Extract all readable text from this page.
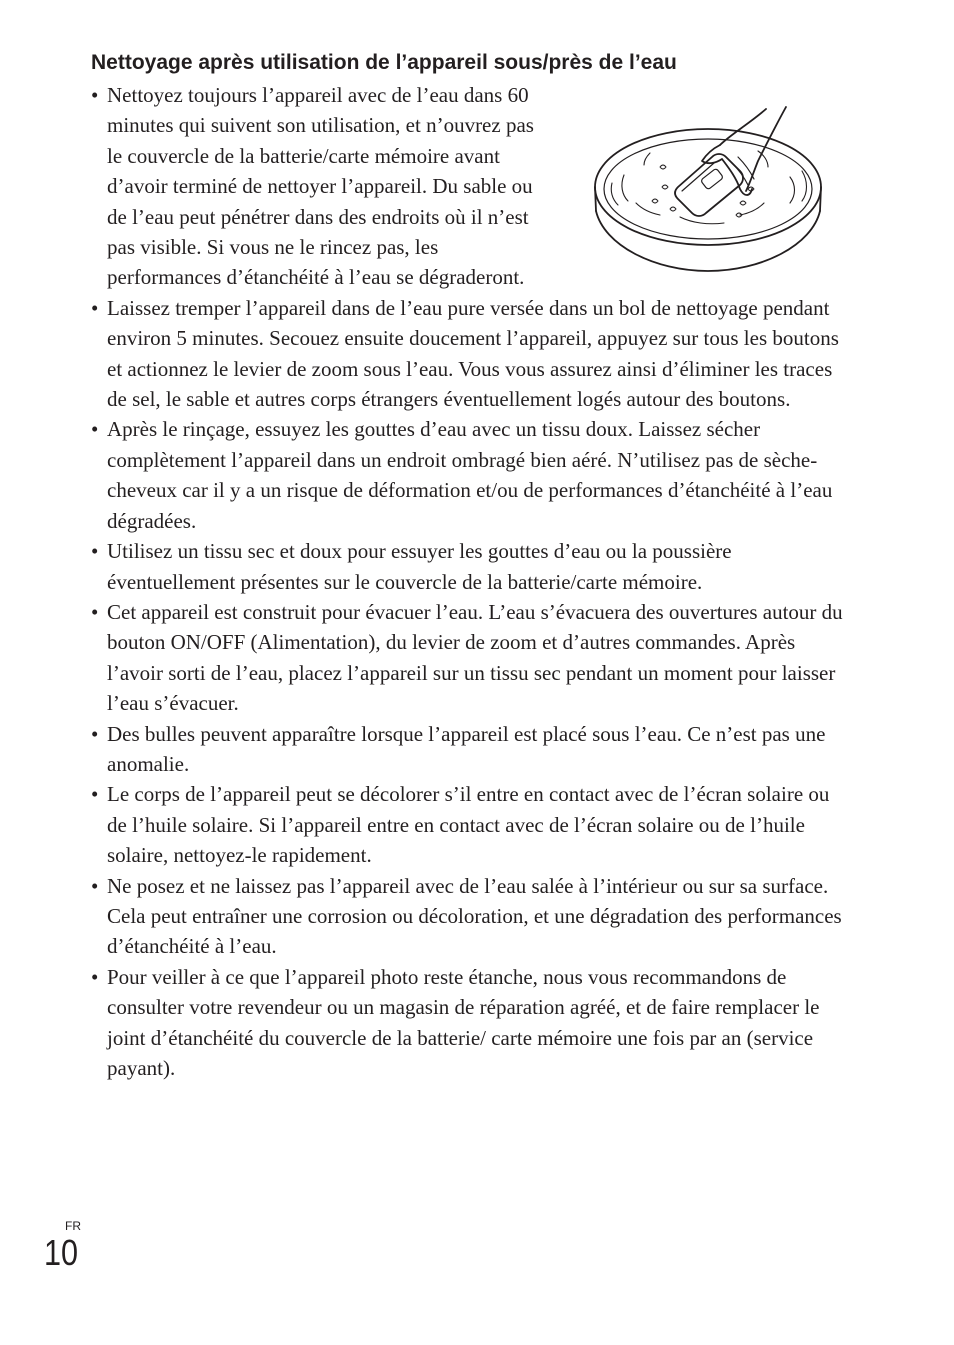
Nettoyage après utilisation de l’appareil sous/près de l’eau
• Nettoyez toujours l’appareil avec de l’eau dans 60 minutes qui suivent son utilisation, et n’ouvrez pas le couvercle de la batterie/carte mémoire avant d’avoir terminé de nettoyer l’appareil. Du sable ou de l’eau peut pénétrer dans des endroits où il n’est pas visible. Si vous ne le rincez pas, les performances d’étanchéité à l’eau se dégraderont.
• Laissez tremper l’appareil dans de l’eau pure versée dans un bol de nettoyage pendant environ 5 minutes. Secouez ensuite doucement l’appareil, appuyez sur tous les boutons et actionnez le levier de zoom sous l’eau. Vous vous assurez ainsi d’éliminer les traces de sel, le sable et autres corps étrangers éventuellement logés autour des boutons.
• Après le rinçage, essuyez les gouttes d’eau avec un tissu doux. Laissez sécher complètement l’appareil dans un endroit ombragé bien aéré. N’utilisez pas de sèche-cheveux car il y a un risque de déformation et/ou de performances d’étanchéité à l’eau dégradées.
• Utilisez un tissu sec et doux pour essuyer les gouttes d’eau ou la poussière éventuellement présentes sur le couvercle de la batterie/carte mémoire.
• Cet appareil est construit pour évacuer l’eau. L’eau s’évacuera des ouvertures autour du bouton ON/OFF (Alimentation), du levier de zoom et d’autres commandes. Après l’avoir sorti de l’eau, placez l’appareil sur un tissu sec pendant un moment pour laisser l’eau s’évacuer.
• Des bulles peuvent apparaître lorsque l’appareil est placé sous l’eau. Ce n’est pas une anomalie.
• Le corps de l’appareil peut se décolorer s’il entre en contact avec de l’écran solaire ou de l’huile solaire. Si l’appareil entre en contact avec de l’écran solaire ou de l’huile solaire, nettoyez-le rapidement.
• Ne posez et ne laissez pas l’appareil avec de l’eau salée à l’intérieur ou sur sa surface. Cela peut entraîner une corrosion ou décoloration, et une dégradation des performances d’étanchéité à l’eau.
• Pour veiller à ce que l’appareil photo reste étanche, nous vous recommandons de consulter votre revendeur ou un magasin de réparation agréé, et de faire remplacer le joint d’étanchéité du couvercle de la batterie/ carte mémoire une fois par an (service payant).
FR
10
